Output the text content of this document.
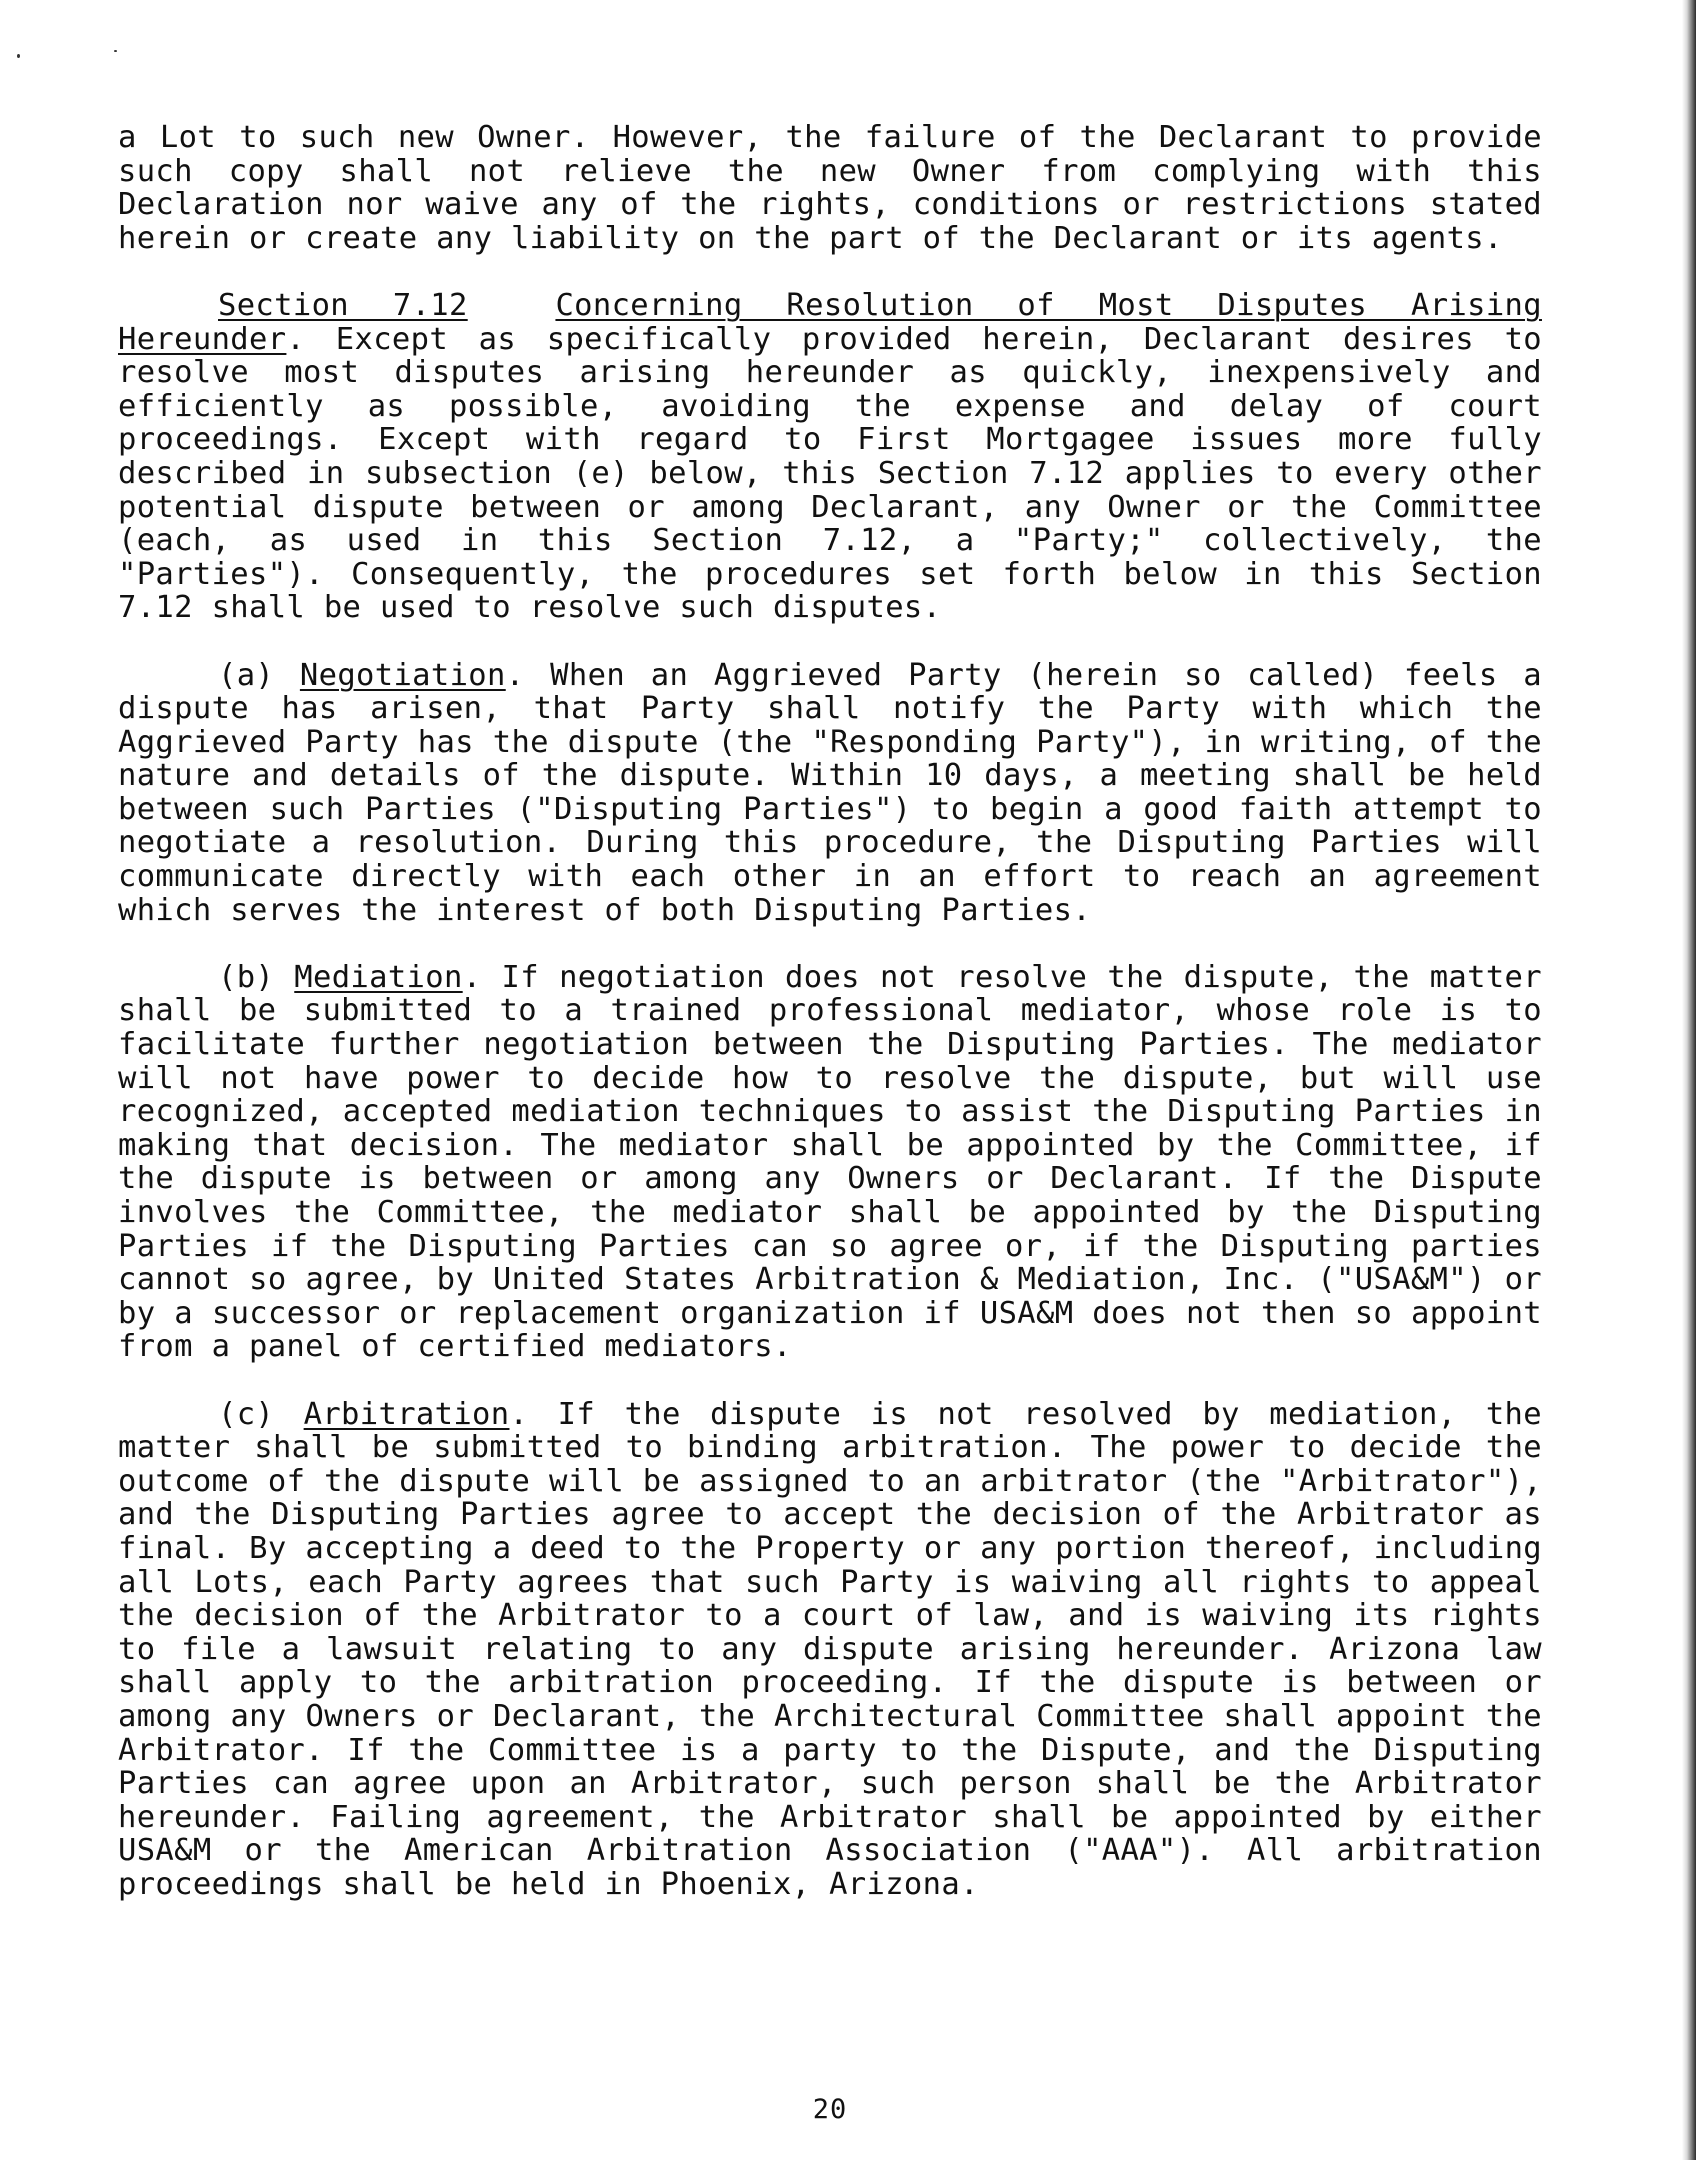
a Lot to such new Owner. However, the failure of the Declarant to provide such copy shall not relieve the new Owner from complying with this Declaration nor waive any of the rights, conditions or restrictions stated herein or create any liability on the part of the Declarant or its agents.

Section 7.12	Concerning Resolution of Most Disputes Arising Hereunder. Except as specifically provided herein, Declarant desires to resolve most disputes arising hereunder as quickly, inexpensively and efficiently as possible, avoiding the expense and delay of court proceedings. Except with regard to First Mortgagee issues more fully described in subsection (e) below, this Section 7.12 applies to every other potential dispute between or among Declarant, any Owner or the Committee (each, as used in this Section 7.12, a "Party;" collectively, the "Parties"). Consequently, the procedures set forth below in this Section 7.12 shall be used to resolve such disputes.

(a) Negotiation. When an Aggrieved Party (herein so called) feels a dispute has arisen, that Party shall notify the Party with which the Aggrieved Party has the dispute (the "Responding Party"), in writing, of the nature and details of the dispute. Within 10 days, a meeting shall be held between such Parties ("Disputing Parties") to begin a good faith attempt to negotiate a resolution. During this procedure, the Disputing Parties will communicate directly with each other in an effort to reach an agreement which serves the interest of both Disputing Parties.

(b) Mediation. If negotiation does not resolve the dispute, the matter shall be submitted to a trained professional mediator, whose role is to facilitate further negotiation between the Disputing Parties. The mediator will not have power to decide how to resolve the dispute, but will use recognized, accepted mediation techniques to assist the Disputing Parties in making that decision. The mediator shall be appointed by the Committee, if the dispute is between or among any Owners or Declarant. If the Dispute involves the Committee, the mediator shall be appointed by the Disputing Parties if the Disputing Parties can so agree or, if the Disputing parties cannot so agree, by United States Arbitration & Mediation, Inc. ("USA&M") or by a successor or replacement organization if USA&M does not then so appoint from a panel of certified mediators.

(c) Arbitration. If the dispute is not resolved by mediation, the matter shall be submitted to binding arbitration. The power to decide the outcome of the dispute will be assigned to an arbitrator (the "Arbitrator"), and the Disputing Parties agree to accept the decision of the Arbitrator as final. By accepting a deed to the Property or any portion thereof, including all Lots, each Party agrees that such Party is waiving all rights to appeal the decision of the Arbitrator to a court of law, and is waiving its rights to file a lawsuit relating to any dispute arising hereunder. Arizona law shall apply to the arbitration proceeding. If the dispute is between or among any Owners or Declarant, the Architectural Committee shall appoint the Arbitrator. If the Committee is a party to the Dispute, and the Disputing Parties can agree upon an Arbitrator, such person shall be the Arbitrator hereunder. Failing agreement, the Arbitrator shall be appointed by either USA&M or the American Arbitration Association ("AAA"). All arbitration proceedings shall be held in Phoenix, Arizona.

20
